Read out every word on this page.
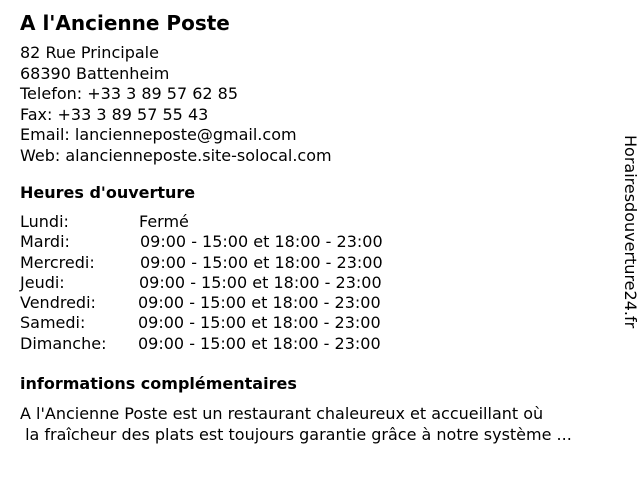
A l'Ancienne Poste
82 Rue Principale
68390 Battenheim
Telefon: +33 3 89 57 62 85
Fax: +33 3 89 57 55 43
Email: lancienneposte@gmail.com
Web: alancienneposte.site-solocal.com
Heures d'ouverture
Lundi:	Fermé
Mardi:	09:00 - 15:00 et 18:00 - 23:00
Mercredi:	09:00 - 15:00 et 18:00 - 23:00
Jeudi:	09:00 - 15:00 et 18:00 - 23:00
Vendredi:	09:00 - 15:00 et 18:00 - 23:00
Samedi:	09:00 - 15:00 et 18:00 - 23:00
Dimanche: 09:00 - 15:00 et 18:00 - 23:00
informations complémentaires
A l'Ancienne Poste est un restaurant chaleureux et accueillant où
la fraîcheur des plats est toujours garantie grâce à notre système ...
Horairesdouverture24.fr
